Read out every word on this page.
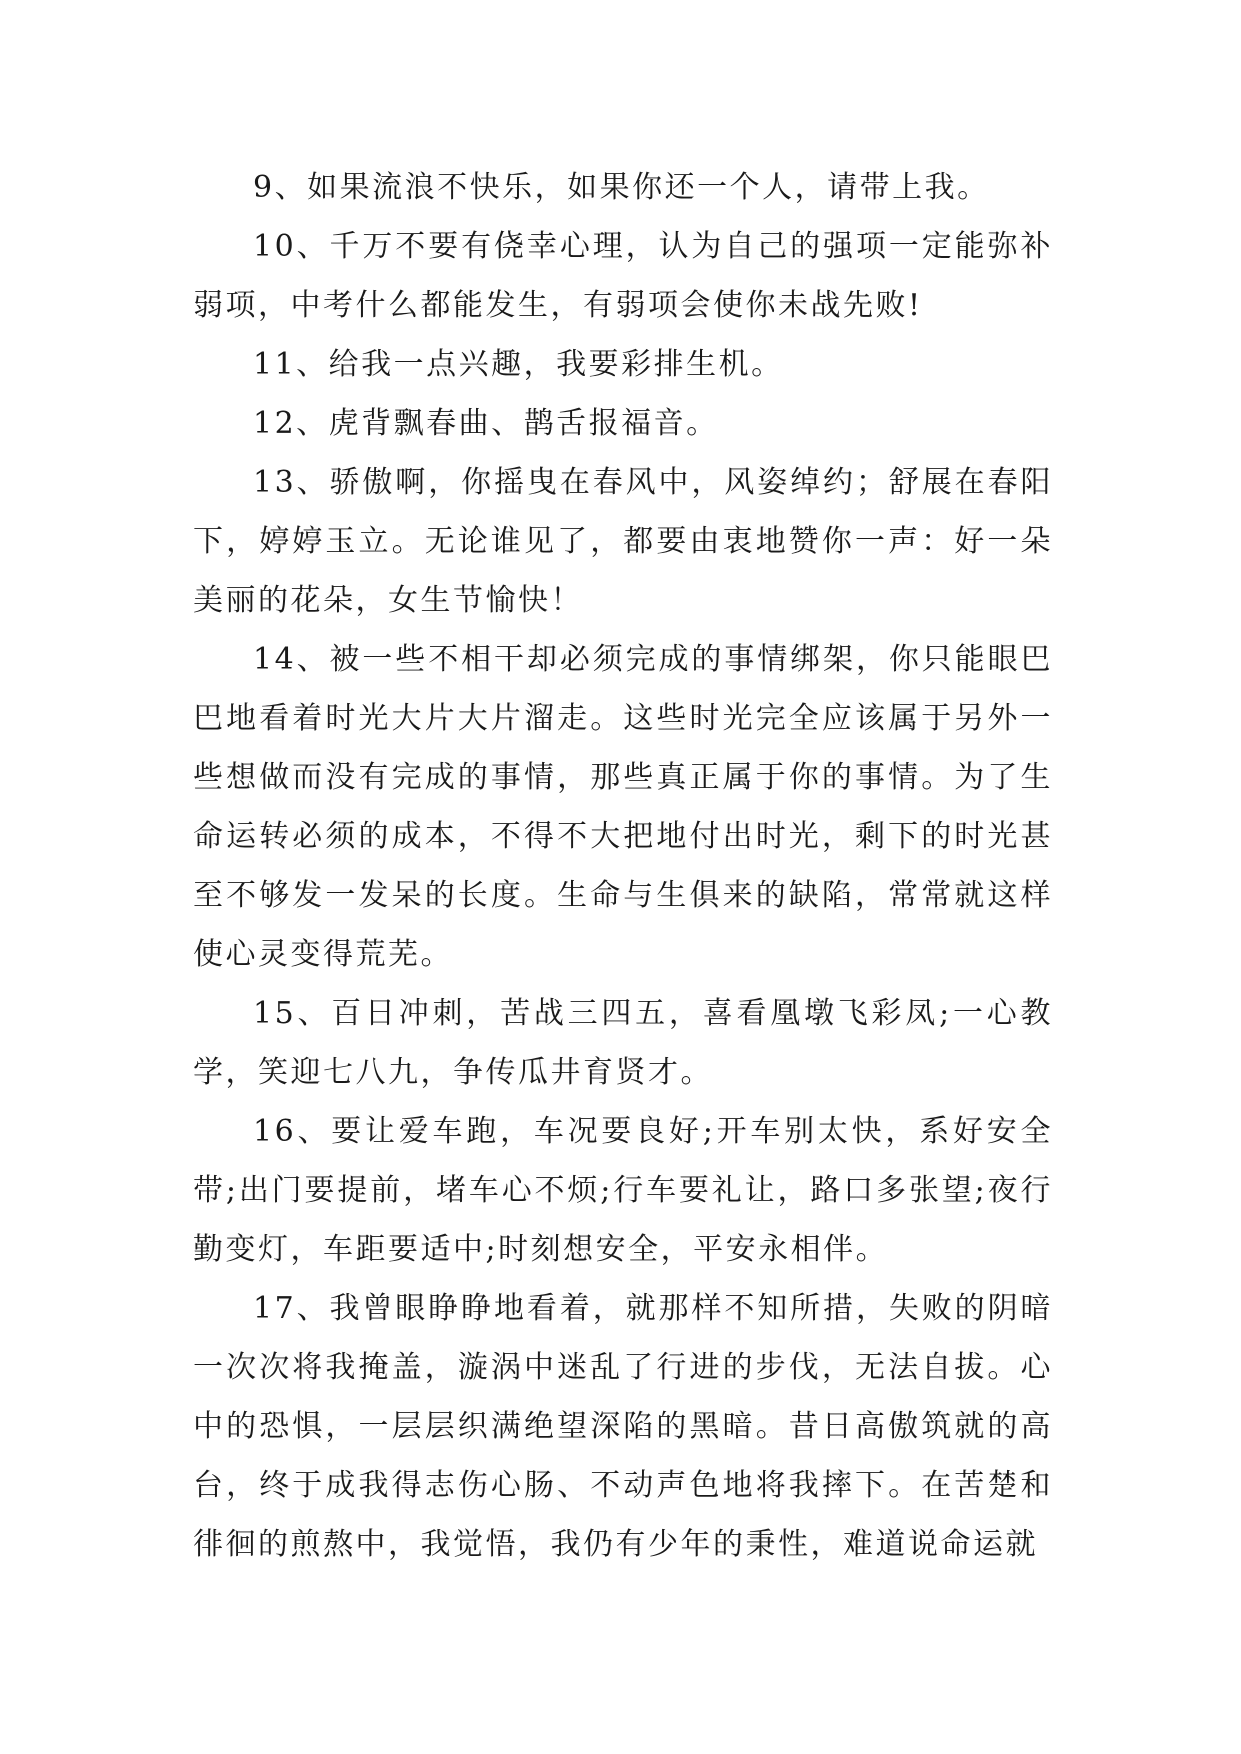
9、如果流浪不快乐，如果你还一个人，请带上我。

10、千万不要有侥幸心理，认为自己的强项一定能弥补弱项，中考什么都能发生，有弱项会使你未战先败!

11、给我一点兴趣，我要彩排生机。

12、虎背飘春曲、鹊舌报福音。

13、骄傲啊，你摇曳在春风中，风姿绰约；舒展在春阳下，婷婷玉立。无论谁见了，都要由衷地赞你一声：好一朵美丽的花朵，女生节愉快！

14、被一些不相干却必须完成的事情绑架，你只能眼巴巴地看着时光大片大片溜走。这些时光完全应该属于另外一些想做而没有完成的事情，那些真正属于你的事情。为了生命运转必须的成本，不得不大把地付出时光，剩下的时光甚至不够发一发呆的长度。生命与生俱来的缺陷，常常就这样使心灵变得荒芜。

15、百日冲刺，苦战三四五，喜看凰墩飞彩凤;一心教学，笑迎七八九，争传瓜井育贤才。

16、要让爱车跑，车况要良好;开车别太快，系好安全带;出门要提前，堵车心不烦;行车要礼让，路口多张望;夜行勤变灯，车距要适中;时刻想安全，平安永相伴。

17、我曾眼睁睁地看着，就那样不知所措，失败的阴暗一次次将我掩盖，漩涡中迷乱了行进的步伐，无法自拔。心中的恐惧，一层层织满绝望深陷的黑暗。昔日高傲筑就的高台，终于成我得志伤心肠、不动声色地将我摔下。在苦楚和徘徊的煎熬中，我觉悟，我仍有少年的秉性，难道说命运就
